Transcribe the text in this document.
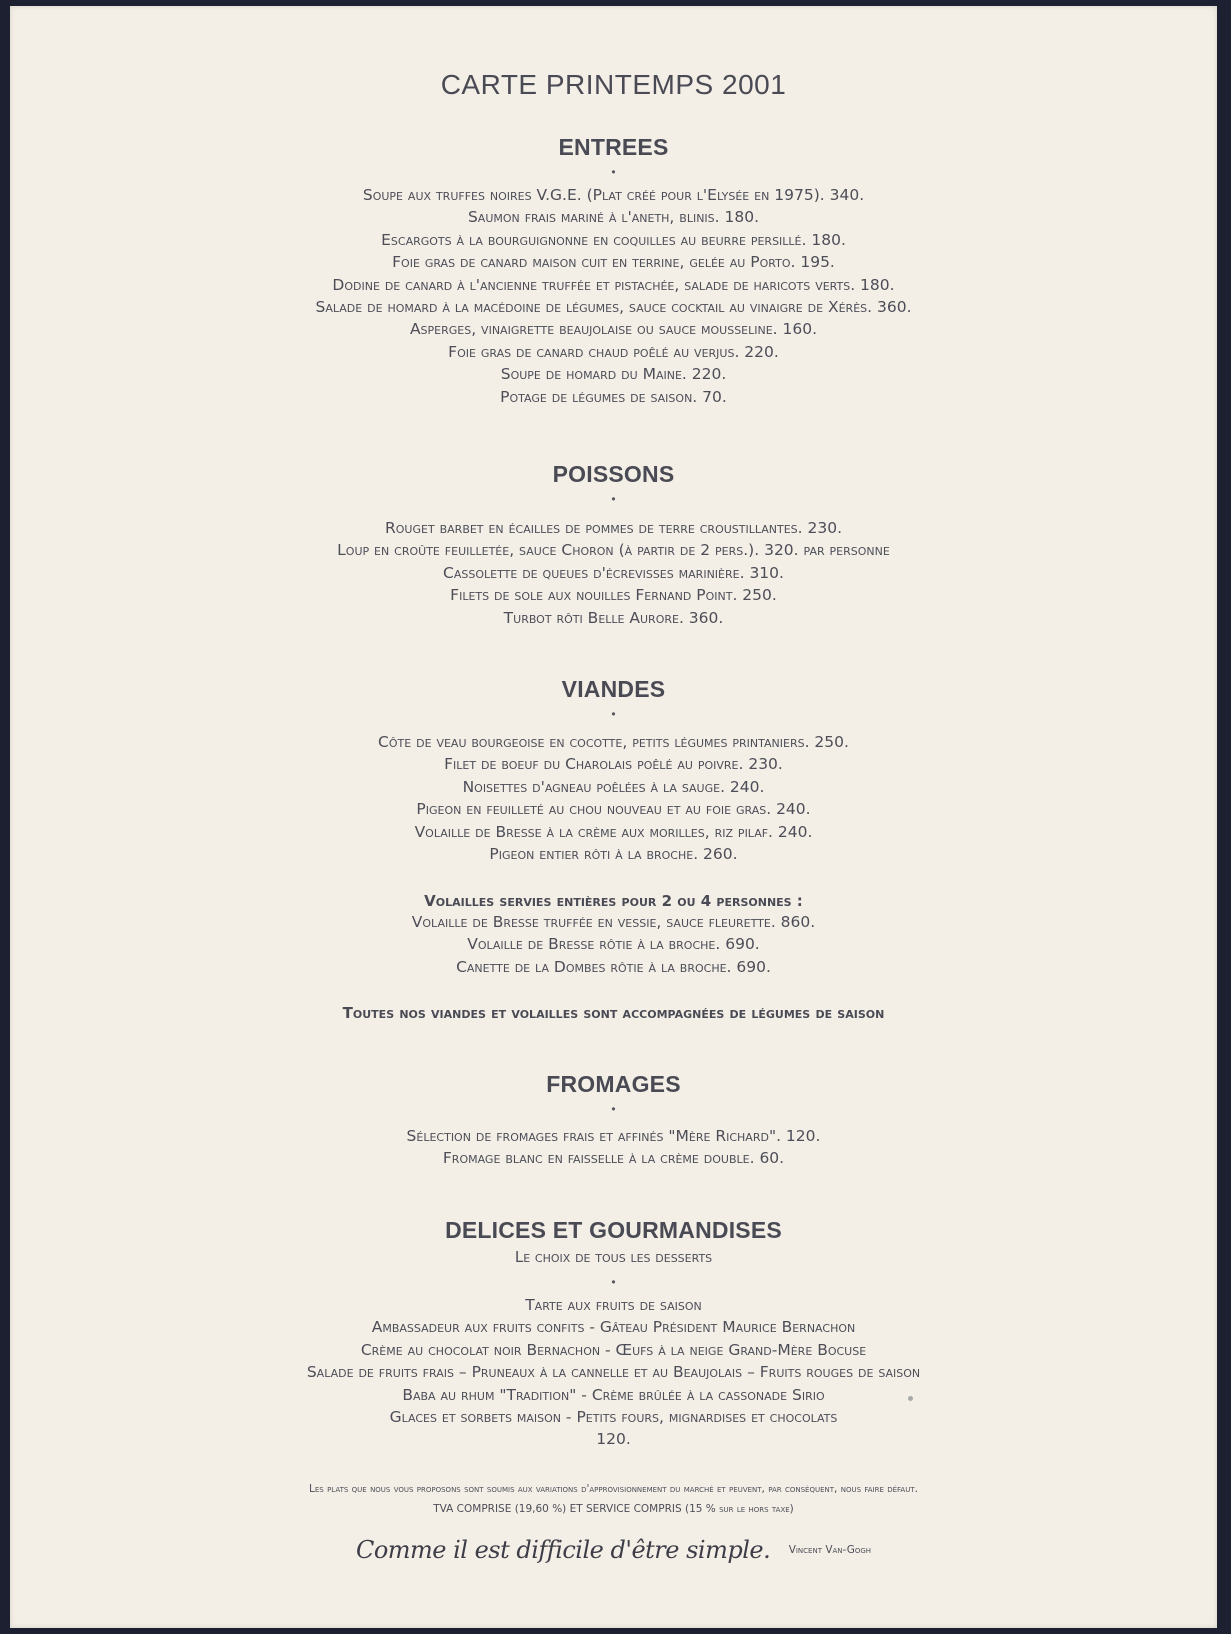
CARTE PRINTEMPS 2001
ENTREES
•
Soupe aux truffes noires V.G.E. (Plat créé pour l'Elysée en 1975). 340.
Saumon frais mariné à l'aneth, blinis. 180.
Escargots à la bourguignonne en coquilles au beurre persillé. 180.
Foie gras de canard maison cuit en terrine, gelée au Porto. 195.
Dodine de canard à l'ancienne truffée et pistachée, salade de haricots verts. 180.
Salade de homard à la macédoine de légumes, sauce cocktail au vinaigre de Xérès. 360.
Asperges, vinaigrette beaujolaise ou sauce mousseline. 160.
Foie gras de canard chaud poêlé au verjus. 220.
Soupe de homard du Maine. 220.
Potage de légumes de saison. 70.
POISSONS
•
Rouget barbet en écailles de pommes de terre croustillantes. 230.
Loup en croûte feuilletée, sauce Choron (à partir de 2 pers.). 320. par personne
Cassolette de queues d'écrevisses marinière. 310.
Filets de sole aux nouilles Fernand Point. 250.
Turbot rôti Belle Aurore. 360.
VIANDES
•
Côte de veau bourgeoise en cocotte, petits légumes printaniers. 250.
Filet de boeuf du Charolais poêlé au poivre. 230.
Noisettes d'agneau poêlées à la sauge. 240.
Pigeon en feuilleté au chou nouveau et au foie gras. 240.
Volaille de Bresse à la crème aux morilles, riz pilaf. 240.
Pigeon entier rôti à la broche. 260.
Volailles servies entières pour 2 ou 4 personnes :
Volaille de Bresse truffée en vessie, sauce fleurette. 860.
Volaille de Bresse rôtie à la broche. 690.
Canette de la Dombes rôtie à la broche. 690.
Toutes nos viandes et volailles sont accompagnées de légumes de saison
FROMAGES
•
Sélection de fromages frais et affinés "Mère Richard". 120.
Fromage blanc en faisselle à la crème double. 60.
DELICES ET GOURMANDISES
Le choix de tous les desserts
•
Tarte aux fruits de saison
Ambassadeur aux fruits confits - Gâteau Président Maurice Bernachon
Crème au chocolat noir Bernachon - Œufs à la neige Grand-Mère Bocuse
Salade de fruits frais – Pruneaux à la cannelle et au Beaujolais – Fruits rouges de saison
Baba au rhum "Tradition" - Crème brûlée à la cassonade Sirio
Glaces et sorbets maison - Petits fours, mignardises et chocolats
120.
Les plats que nous vous proposons sont soumis aux variations d'approvisionnement du marché et peuvent, par conséquent, nous faire défaut.
TVA COMPRISE (19,60 %) ET SERVICE COMPRIS (15 % sur le hors taxe)
Comme il est difficile d'être simple. Vincent Van-Gogh
